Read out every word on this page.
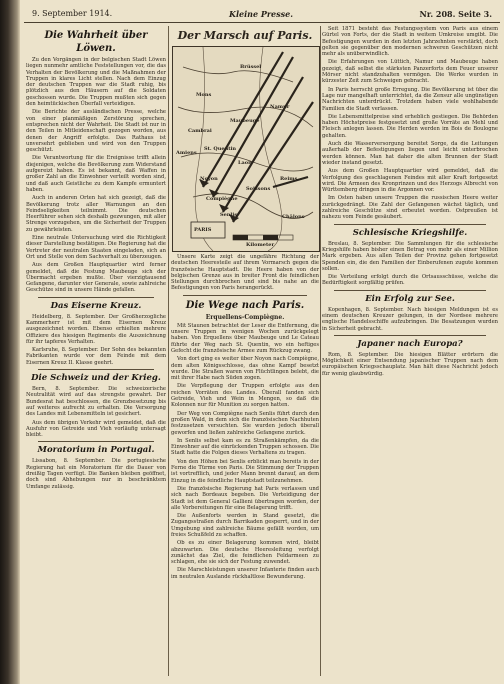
9. September 1914.	Kleine Presse.	Nr. 208. Seite 3.
Die Wahrheit über Löwen.

Zu den Vorgängen in der belgischen Stadt Löwen liegen nunmehr amtliche Feststellungen vor, die das Verhalten der Bevölkerung und die Maßnahmen der Truppen in klares Licht stellen. Nach dem Einzug der deutschen Truppen war die Stadt ruhig, bis plötzlich aus den Häusern auf die Soldaten geschossen wurde. Die Truppen mußten sich gegen den heimtückischen Überfall verteidigen.

Die Berichte der ausländischen Presse, welche von einer planmäßigen Zerstörung sprechen, entsprechen nicht der Wahrheit. Die Stadt ist nur in den Teilen in Mitleidenschaft gezogen worden, aus denen der Angriff erfolgte. Das Rathaus ist unversehrt geblieben und wird von den Truppen geschützt.

Die Verantwortung für die Ereignisse trifft allein diejenigen, welche die Bevölkerung zum Widerstand aufgereizt haben. Es ist bekannt, daß Waffen in großer Zahl an die Einwohner verteilt worden sind, und daß auch Geistliche zu dem Kampfe ermuntert haben.

Auch in anderen Orten hat sich gezeigt, daß die Bevölkerung trotz aller Warnungen an den Feindseligkeiten teilnimmt. Die deutschen Heerführer sehen sich deshalb gezwungen, mit aller Strenge vorzugehen, um die Sicherheit der Truppen zu gewährleisten.

Eine neutrale Untersuchung wird die Richtigkeit dieser Darstellung bestätigen. Die Regierung hat die Vertreter der neutralen Staaten eingeladen, sich an Ort und Stelle von dem Sachverhalt zu überzeugen.

Aus dem Großen Hauptquartier wird ferner gemeldet, daß die Festung Maubeuge sich der Übermacht ergeben mußte. Über vierzigtausend Gefangene, darunter vier Generale, sowie zahlreiche Geschütze sind in unsere Hände gefallen.

Das Eiserne Kreuz.

Heidelberg, 8. September. Der Großherzogliche Kammerherr ist mit dem Eisernen Kreuz ausgezeichnet worden. Ebenso erhielten mehrere Offiziere des hiesigen Regiments die Auszeichnung für ihr tapferes Verhalten.

Karlsruhe, 8. September. Der Sohn des bekannten Fabrikanten wurde vor dem Feinde mit dem Eisernen Kreuz II. Klasse geehrt.

Die Schweiz und der Krieg.

Bern, 8. September. Die schweizerische Neutralität wird auf das strengste gewahrt. Der Bundesrat hat beschlossen, die Grenzbesetzung bis auf weiteres aufrecht zu erhalten. Die Versorgung des Landes mit Lebensmitteln ist gesichert.

Aus dem übrigen Verkehr wird gemeldet, daß die Ausfuhr von Getreide und Vieh vorläufig untersagt bleibt.

Moratorium in Portugal.

Lissabon, 8. September. Die portugiesische Regierung hat ein Moratorium für die Dauer von dreißig Tagen verfügt. Die Banken bleiben geöffnet, doch sind Abhebungen nur in beschränktem Umfange zulässig.

Der Marsch auf Paris.
Brüssel
Mons
Namur
Maubeuge
Cambrai
Laon
Reims
St. Quentin
Noyon
Amiens
Compiègne
Soissons
Senlis	Châlons
PARIS
Kilometer

Unsere Karte zeigt die ungefähre Richtung der deutschen Heeresteile auf ihrem Vormarsch gegen die französische Hauptstadt. Die Heere haben von der belgischen Grenze aus in breiter Front die feindlichen Stellungen durchbrochen und sind bis nahe an die Befestigungen von Paris herangerückt.

Die Wege nach Paris.
Erquellens-Compiègne.

Mit Staunen betrachtet der Leser die Entfernung, die unsere Truppen in wenigen Wochen zurückgelegt haben. Von Erquellens über Maubeuge und Le Cateau führte der Weg nach St. Quentin, wo ein heftiges Gefecht die französische Armee zum Rückzug zwang.

Von dort ging es weiter über Noyon nach Compiègne, dem alten Königsschlosse, das ohne Kampf besetzt wurde. Die Straßen waren von Flüchtlingen belebt, die mit ihrer Habe nach Süden zogen.

Die Verpflegung der Truppen erfolgte aus den reichen Vorräten des Landes. Überall fanden sich Getreide, Vieh und Wein in Mengen, so daß die Kolonnen nur für Munition zu sorgen hatten.

Der Weg von Compiègne nach Senlis führt durch den großen Wald, in dem sich die französischen Nachhuten festzusetzen versuchten. Sie wurden jedoch überall geworfen und ließen zahlreiche Gefangene zurück.

In Senlis selbst kam es zu Straßenkämpfen, da die Einwohner auf die einrückenden Truppen schossen. Die Stadt hatte die Folgen dieses Verhaltens zu tragen.

Von den Höhen bei Senlis erblickt man bereits in der Ferne die Türme von Paris. Die Stimmung der Truppen ist vortrefflich, und jeder Mann brennt darauf, an dem Einzug in die feindliche Hauptstadt teilzunehmen.

Die französische Regierung hat Paris verlassen und sich nach Bordeaux begeben. Die Verteidigung der Stadt ist dem General Gallieni übertragen worden, der alle Vorbereitungen für eine Belagerung trifft.

Die Außenforts werden in Stand gesetzt, die Zugangsstraßen durch Barrikaden gesperrt, und in der Umgebung sind zahlreiche Bäume gefällt worden, um freies Schußfeld zu schaffen.

Ob es zu einer Belagerung kommen wird, bleibt abzuwarten. Die deutsche Heeresleitung verfolgt zunächst das Ziel, die feindlichen Feldarmeen zu schlagen, ehe sie sich der Festung zuwendet.

Die Marschleistungen unserer Infanterie finden auch im neutralen Auslande rückhaltlose Bewunderung.

Seit 1871 besteht das Festungssystem von Paris aus einem Gürtel von Forts, der die Stadt in weitem Umkreise umgibt. Die Befestigungen wurden in den letzten Jahrzehnten verstärkt, doch gelten sie gegenüber den modernen schweren Geschützen nicht mehr als unüberwindlich.

Die Erfahrungen von Lüttich, Namur und Maubeuge haben gezeigt, daß selbst die stärksten Panzerforts dem Feuer unserer Mörser nicht standzuhalten vermögen. Die Werke wurden in kürzester Zeit zum Schweigen gebracht.

In Paris herrscht große Erregung. Die Bevölkerung ist über die Lage nur mangelhaft unterrichtet, da die Zensur alle ungünstigen Nachrichten unterdrückt. Trotzdem haben viele wohlhabende Familien die Stadt verlassen.

Die Lebensmittelpreise sind erheblich gestiegen. Die Behörden haben Höchstpreise festgesetzt und große Vorräte an Mehl und Fleisch anlegen lassen. Die Herden werden im Bois de Boulogne gehalten.

Auch die Wasserversorgung bereitet Sorge, da die Leitungen außerhalb der Befestigungen liegen und leicht unterbrochen werden können. Man hat daher die alten Brunnen der Stadt wieder instand gesetzt.

Aus dem Großen Hauptquartier wird gemeldet, daß die Verfolgung des geschlagenen Feindes mit aller Kraft fortgesetzt wird. Die Armeen des Kronprinzen und des Herzogs Albrecht von Württemberg dringen in die Argonnen vor.

Im Osten haben unsere Truppen die russischen Heere weiter zurückgedrängt. Die Zahl der Gefangenen wächst täglich, und zahlreiche Geschütze sind erbeutet worden. Ostpreußen ist nahezu vom Feinde gesäubert.

Schlesische Kriegshilfe.

Breslau, 8. September. Die Sammlungen für die schlesische Kriegshilfe haben bisher einen Betrag von mehr als einer Million Mark ergeben. Aus allen Teilen der Provinz gehen fortgesetzt Spenden ein, die den Familien der Einberufenen zugute kommen sollen.

Die Verteilung erfolgt durch die Ortsausschüsse, welche die Bedürftigkeit sorgfältig prüfen.

Ein Erfolg zur See.

Kopenhagen, 8. September. Nach hiesigen Meldungen ist es einem deutschen Kreuzer gelungen, in der Nordsee mehrere englische Handelsschiffe aufzubringen. Die Besatzungen wurden in Sicherheit gebracht.

Japaner nach Europa?

Rom, 8. September. Die hiesigen Blätter erörtern die Möglichkeit einer Entsendung japanischer Truppen nach dem europäischen Kriegsschauplatz. Man hält diese Nachricht jedoch für wenig glaubwürdig.
